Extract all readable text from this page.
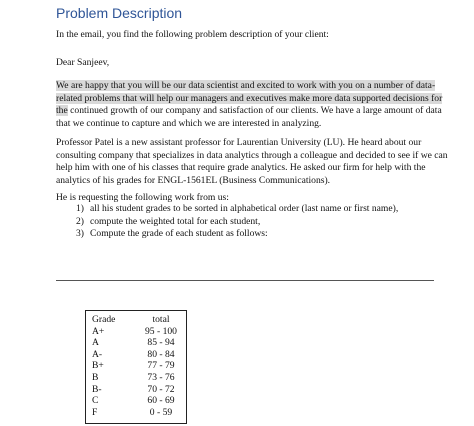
Problem Description
In the email, you find the following problem description of your client:
Dear Sanjeev,
We are happy that you will be our data scientist and excited to work with you on a number of data-related problems that will help our managers and executives make more data supported decisions for the continued growth of our company and satisfaction of our clients. We have a large amount of data that we continue to capture and which we are interested in analyzing.
Professor Patel is a new assistant professor for Laurentian University (LU). He heard about our consulting company that specializes in data analytics through a colleague and decided to see if we can help him with one of his classes that require grade analytics. He asked our firm for help with the analytics of his grades for ENGL-1561EL (Business Communications).
He is requesting the following work from us:
1) all his student grades to be sorted in alphabetical order (last name or first name),
2) compute the weighted total for each student,
3) Compute the grade of each student as follows:
Grade	total
A+	95 - 100
A	85 - 94
A-	80 - 84
B+	77 - 79
B	73 - 76
B-	70 - 72
C	60 - 69
F	0 - 59
